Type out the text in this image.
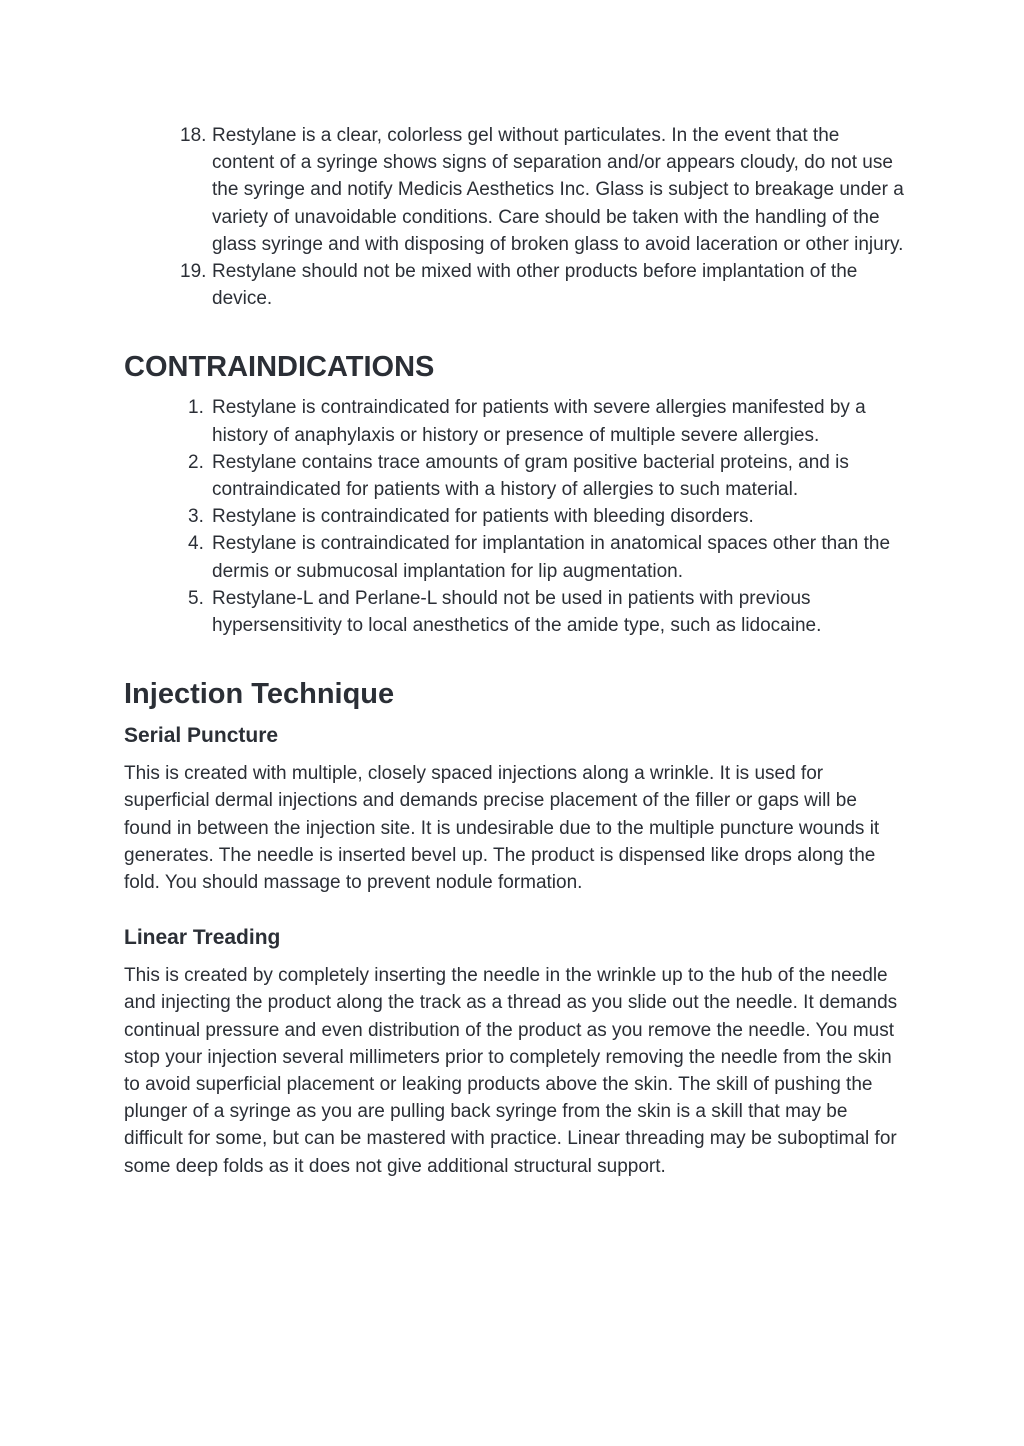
18. Restylane is a clear, colorless gel without particulates. In the event that the content of a syringe shows signs of separation and/or appears cloudy, do not use the syringe and notify Medicis Aesthetics Inc. Glass is subject to breakage under a variety of unavoidable conditions. Care should be taken with the handling of the glass syringe and with disposing of broken glass to avoid laceration or other injury.
19. Restylane should not be mixed with other products before implantation of the device.
CONTRAINDICATIONS
1. Restylane is contraindicated for patients with severe allergies manifested by a history of anaphylaxis or history or presence of multiple severe allergies.
2. Restylane contains trace amounts of gram positive bacterial proteins, and is contraindicated for patients with a history of allergies to such material.
3. Restylane is contraindicated for patients with bleeding disorders.
4. Restylane is contraindicated for implantation in anatomical spaces other than the dermis or submucosal implantation for lip augmentation.
5. Restylane-L and Perlane-L should not be used in patients with previous hypersensitivity to local anesthetics of the amide type, such as lidocaine.
Injection Technique
Serial Puncture

This is created with multiple, closely spaced injections along a wrinkle. It is used for superficial dermal injections and demands precise placement of the filler or gaps will be found in between the injection site. It is undesirable due to the multiple puncture wounds it generates. The needle is inserted bevel up. The product is dispensed like drops along the fold. You should massage to prevent nodule formation.

Linear Treading

This is created by completely inserting the needle in the wrinkle up to the hub of the needle and injecting the product along the track as a thread as you slide out the needle. It demands continual pressure and even distribution of the product as you remove the needle. You must stop your injection several millimeters prior to completely removing the needle from the skin to avoid superficial placement or leaking products above the skin. The skill of pushing the plunger of a syringe as you are pulling back syringe from the skin is a skill that may be difficult for some, but can be mastered with practice. Linear threading may be suboptimal for some deep folds as it does not give additional structural support.
